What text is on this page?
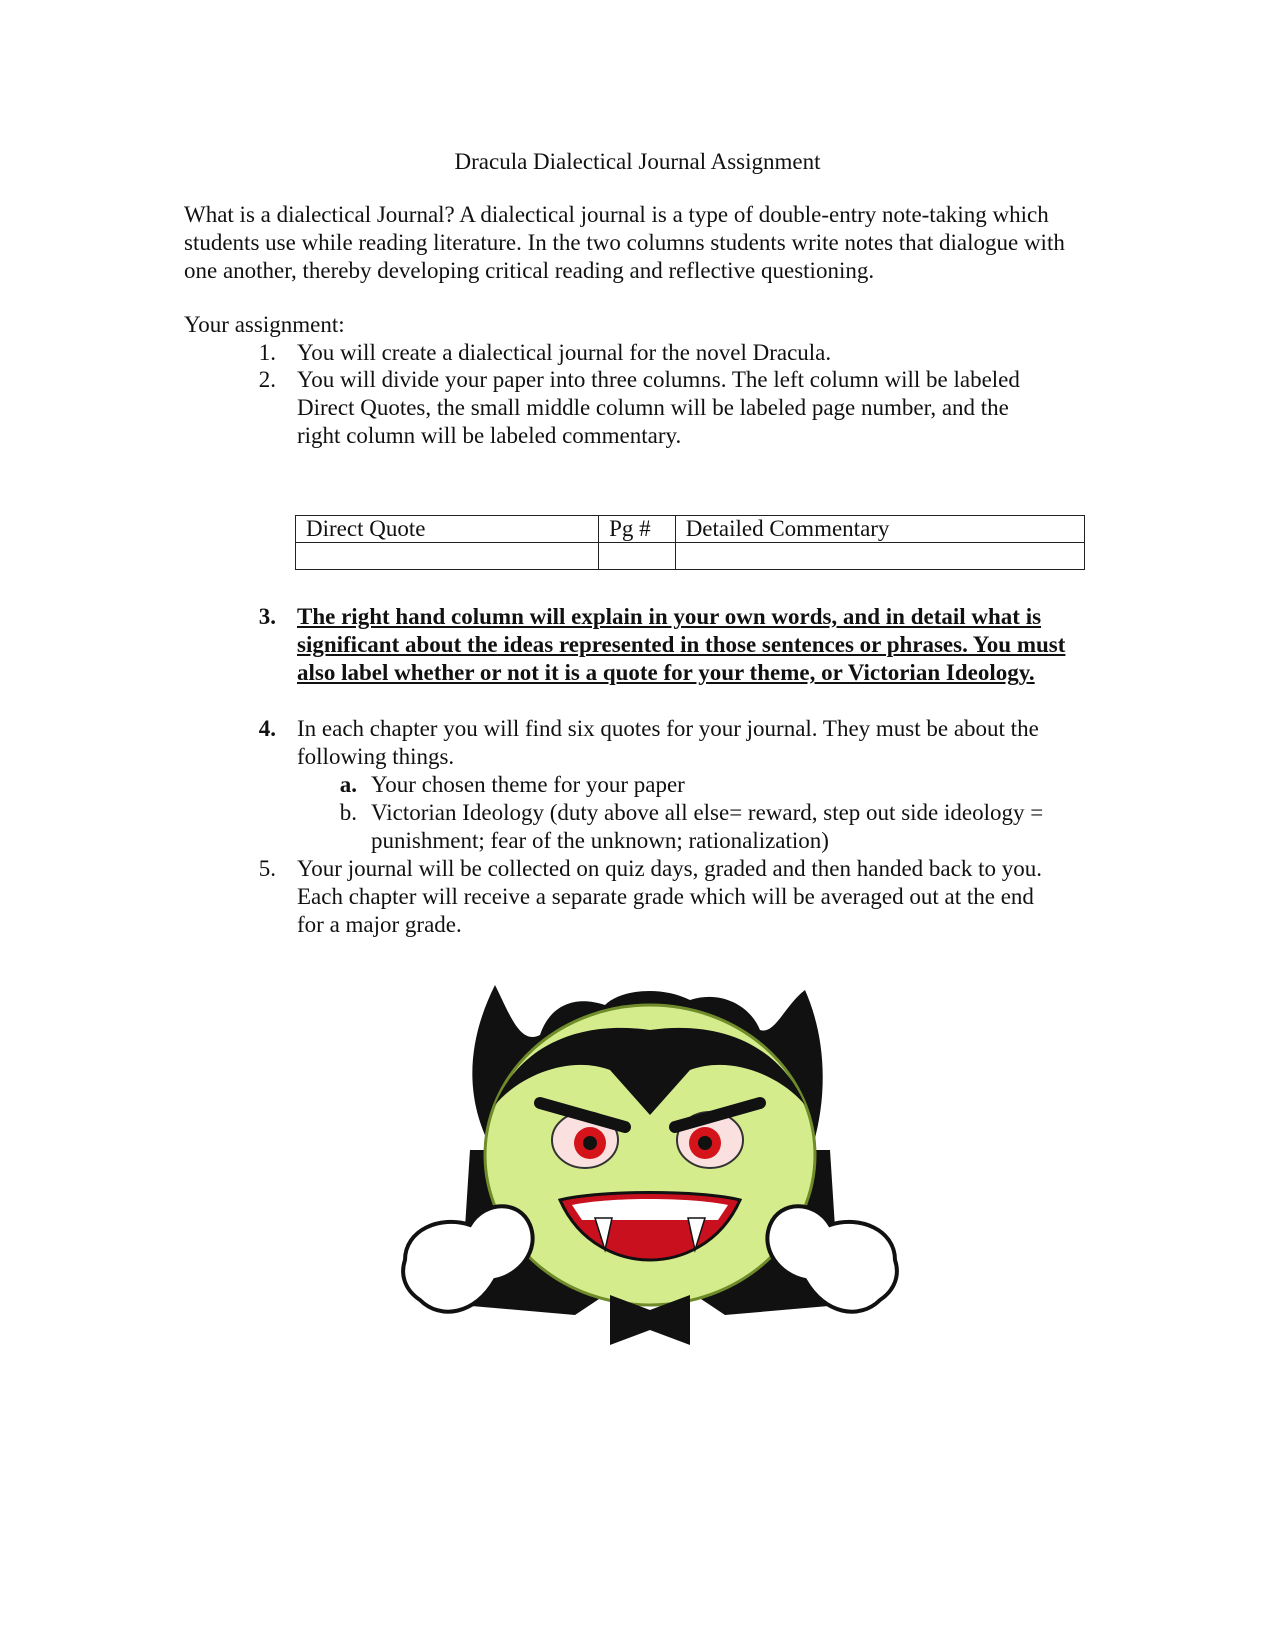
Dracula Dialectical Journal Assignment
What is a dialectical Journal? A dialectical journal is a type of double-entry note-taking which students use while reading literature. In the two columns students write notes that dialogue with one another, thereby developing critical reading and reflective questioning.
Your assignment:
1. You will create a dialectical journal for the novel Dracula.
2. You will divide your paper into three columns. The left column will be labeled Direct Quotes, the small middle column will be labeled page number, and the right column will be labeled commentary.
Direct Quote	Pg #	Detailed Commentary

3. The right hand column will explain in your own words, and in detail what is significant about the ideas represented in those sentences or phrases. You must also label whether or not it is a quote for your theme, or Victorian Ideology.
4. In each chapter you will find six quotes for your journal. They must be about the following things.
a. Your chosen theme for your paper
b. Victorian Ideology (duty above all else= reward, step out side ideology = punishment; fear of the unknown; rationalization)
5. Your journal will be collected on quiz days, graded and then handed back to you. Each chapter will receive a separate grade which will be averaged out at the end for a major grade.
